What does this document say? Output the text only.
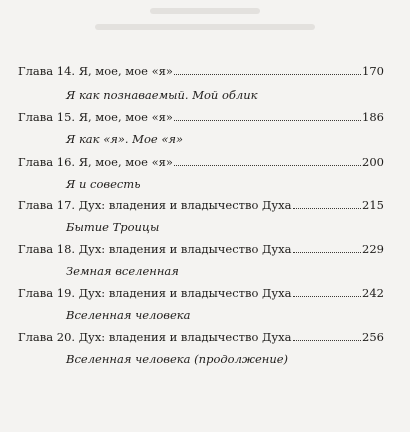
Глава 14. Я, мое, мое «я»	170
Я как познаваемый. Мой облик
Глава 15. Я, мое, мое «я»	186
Я как «я». Мое «я»
Глава 16. Я, мое, мое «я»	200
Я и совесть
Глава 17. Дух: владения и владычество Духа	215
Бытие Троицы
Глава 18. Дух: владения и владычество Духа	229
Земная вселенная
Глава 19. Дух: владения и владычество Духа	242
Вселенная человека
Глава 20. Дух: владения и владычество Духа	256
Вселенная человека (продолжение)
